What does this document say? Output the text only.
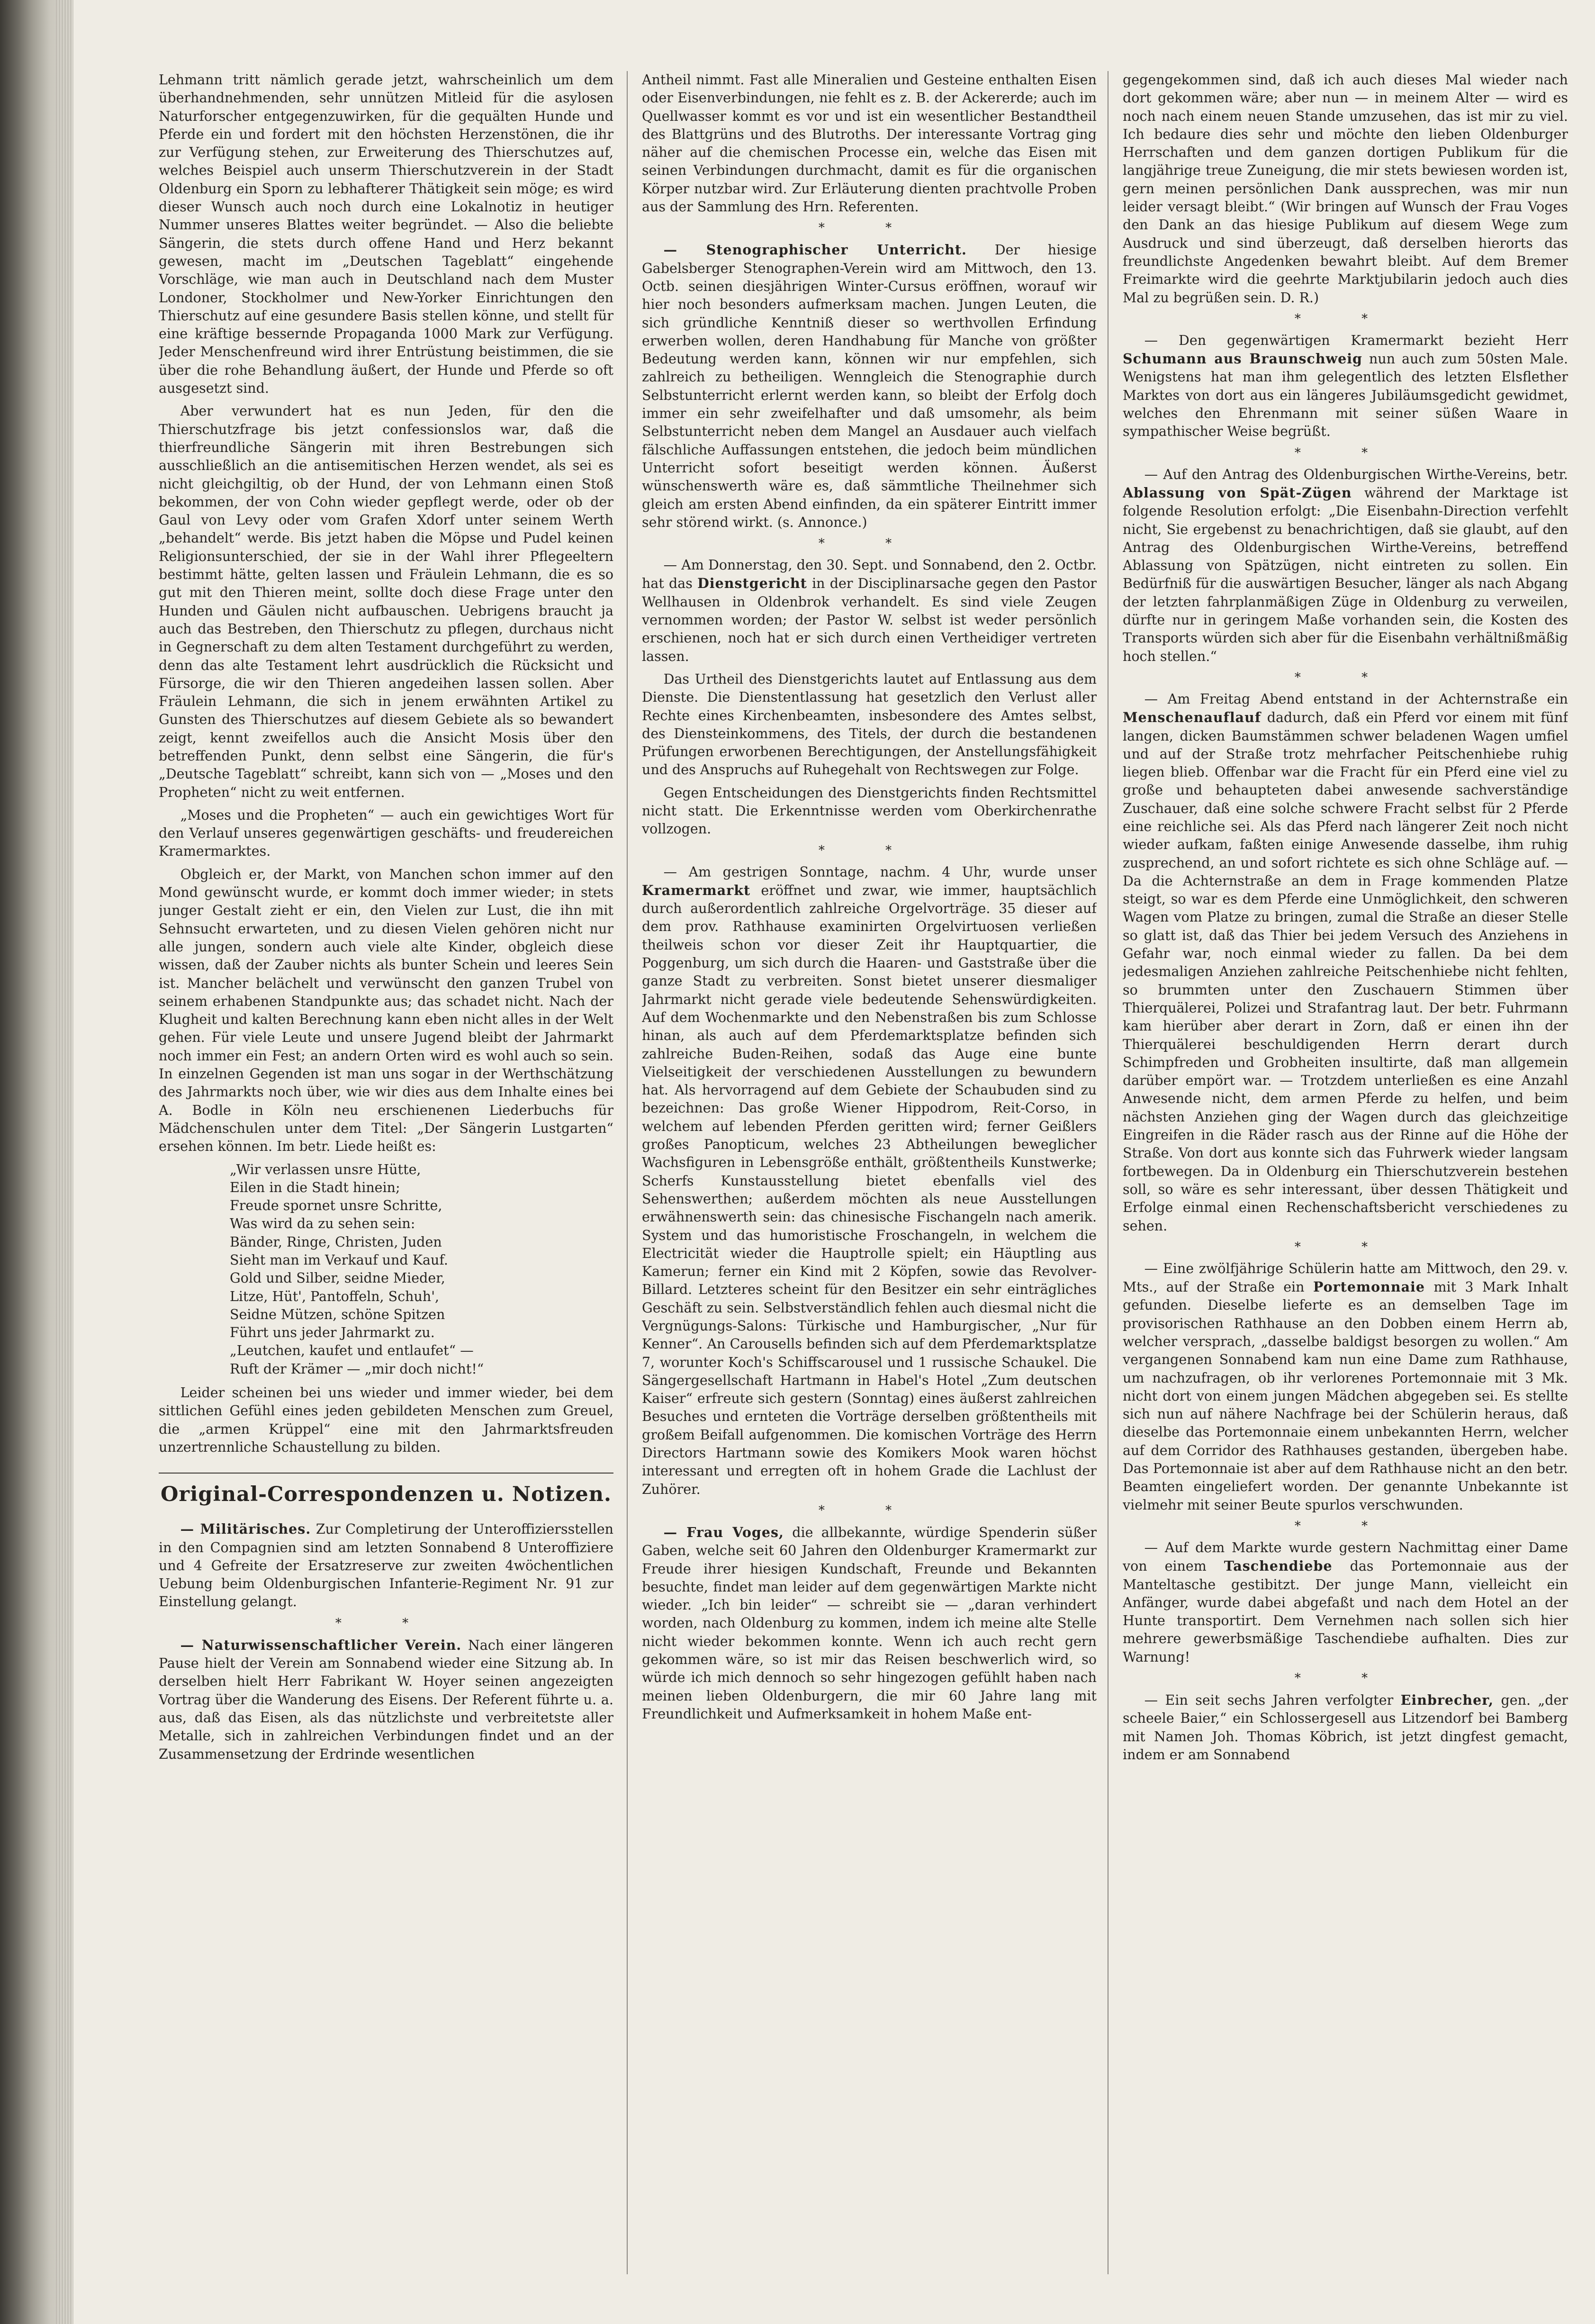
Lehmann tritt nämlich gerade jetzt, wahrscheinlich um dem überhandnehmenden, sehr unnützen Mitleid für die asylosen Naturforscher entgegenzuwirken, für die gequälten Hunde und Pferde ein und fordert mit den höchsten Herzenstönen, die ihr zur Verfügung stehen, zur Erweiterung des Thierschutzes auf, welches Beispiel auch unserm Thierschutzverein in der Stadt Oldenburg ein Sporn zu lebhafterer Thätigkeit sein möge; es wird dieser Wunsch auch noch durch eine Lokalnotiz in heutiger Nummer unseres Blattes weiter begründet. — Also die beliebte Sängerin, die stets durch offene Hand und Herz bekannt gewesen, macht im „Deutschen Tageblatt“ eingehende Vorschläge, wie man auch in Deutschland nach dem Muster Londoner, Stockholmer und New-Yorker Einrichtungen den Thierschutz auf eine gesundere Basis stellen könne, und stellt für eine kräftige bessernde Propaganda 1000 Mark zur Verfügung. Jeder Menschenfreund wird ihrer Entrüstung beistimmen, die sie über die rohe Behandlung äußert, der Hunde und Pferde so oft ausgesetzt sind.

Aber verwundert hat es nun Jeden, für den die Thierschutzfrage bis jetzt confessionslos war, daß die thierfreundliche Sängerin mit ihren Bestrebungen sich ausschließlich an die antisemitischen Herzen wendet, als sei es nicht gleichgiltig, ob der Hund, der von Lehmann einen Stoß bekommen, der von Cohn wieder gepflegt werde, oder ob der Gaul von Levy oder vom Grafen Xdorf unter seinem Werth „behandelt“ werde. Bis jetzt haben die Möpse und Pudel keinen Religionsunterschied, der sie in der Wahl ihrer Pflegeeltern bestimmt hätte, gelten lassen und Fräulein Lehmann, die es so gut mit den Thieren meint, sollte doch diese Frage unter den Hunden und Gäulen nicht aufbauschen. Uebrigens braucht ja auch das Bestreben, den Thierschutz zu pflegen, durchaus nicht in Gegnerschaft zu dem alten Testament durchgeführt zu werden, denn das alte Testament lehrt ausdrücklich die Rücksicht und Fürsorge, die wir den Thieren angedeihen lassen sollen. Aber Fräulein Lehmann, die sich in jenem erwähnten Artikel zu Gunsten des Thierschutzes auf diesem Gebiete als so bewandert zeigt, kennt zweifellos auch die Ansicht Mosis über den betreffenden Punkt, denn selbst eine Sängerin, die für's „Deutsche Tageblatt“ schreibt, kann sich von — „Moses und den Propheten“ nicht zu weit entfernen.

„Moses und die Propheten“ — auch ein gewichtiges Wort für den Verlauf unseres gegenwärtigen geschäfts- und freudereichen Kramermarktes.

Obgleich er, der Markt, von Manchen schon immer auf den Mond gewünscht wurde, er kommt doch immer wieder; in stets junger Gestalt zieht er ein, den Vielen zur Lust, die ihn mit Sehnsucht erwarteten, und zu diesen Vielen gehören nicht nur alle jungen, sondern auch viele alte Kinder, obgleich diese wissen, daß der Zauber nichts als bunter Schein und leeres Sein ist. Mancher belächelt und verwünscht den ganzen Trubel von seinem erhabenen Standpunkte aus; das schadet nicht. Nach der Klugheit und kalten Berechnung kann eben nicht alles in der Welt gehen. Für viele Leute und unsere Jugend bleibt der Jahrmarkt noch immer ein Fest; an andern Orten wird es wohl auch so sein. In einzelnen Gegenden ist man uns sogar in der Werthschätzung des Jahrmarkts noch über, wie wir dies aus dem Inhalte eines bei A. Bodle in Köln neu erschienenen Liederbuchs für Mädchenschulen unter dem Titel: „Der Sängerin Lustgarten“ ersehen können. Im betr. Liede heißt es:

„Wir verlassen unsre Hütte,
Eilen in die Stadt hinein;
Freude spornet unsre Schritte,
Was wird da zu sehen sein:
Bänder, Ringe, Christen, Juden
Sieht man im Verkauf und Kauf.
Gold und Silber, seidne Mieder,
Litze, Hüt', Pantoffeln, Schuh',
Seidne Mützen, schöne Spitzen
Führt uns jeder Jahrmarkt zu.
„Leutchen, kaufet und entlaufet“ —
Ruft der Krämer — „mir doch nicht!“

Leider scheinen bei uns wieder und immer wieder, bei dem sittlichen Gefühl eines jeden gebildeten Menschen zum Greuel, die „armen Krüppel“ eine mit den Jahrmarktsfreuden unzertrennliche Schaustellung zu bilden.

Original-Correspondenzen u. Notizen.

— Militärisches. Zur Completirung der Unteroffiziersstellen in den Compagnien sind am letzten Sonnabend 8 Unteroffiziere und 4 Gefreite der Ersatzreserve zur zweiten 4wöchentlichen Uebung beim Oldenburgischen Infanterie-Regiment Nr. 91 zur Einstellung gelangt.

* *

— Naturwissenschaftlicher Verein. Nach einer längeren Pause hielt der Verein am Sonnabend wieder eine Sitzung ab. In derselben hielt Herr Fabrikant W. Hoyer seinen angezeigten Vortrag über die Wanderung des Eisens. Der Referent führte u. a. aus, daß das Eisen, als das nützlichste und verbreitetste aller Metalle, sich in zahlreichen Verbindungen findet und an der Zusammensetzung der Erdrinde wesentlichen

Antheil nimmt. Fast alle Mineralien und Gesteine enthalten Eisen oder Eisenverbindungen, nie fehlt es z. B. der Ackererde; auch im Quellwasser kommt es vor und ist ein wesentlicher Bestandtheil des Blattgrüns und des Blutroths. Der interessante Vortrag ging näher auf die chemischen Processe ein, welche das Eisen mit seinen Verbindungen durchmacht, damit es für die organischen Körper nutzbar wird. Zur Erläuterung dienten prachtvolle Proben aus der Sammlung des Hrn. Referenten.

* *

— Stenographischer Unterricht. Der hiesige Gabelsberger Stenographen-Verein wird am Mittwoch, den 13. Octb. seinen diesjährigen Winter-Cursus eröffnen, worauf wir hier noch besonders aufmerksam machen. Jungen Leuten, die sich gründliche Kenntniß dieser so werthvollen Erfindung erwerben wollen, deren Handhabung für Manche von größter Bedeutung werden kann, können wir nur empfehlen, sich zahlreich zu betheiligen. Wenngleich die Stenographie durch Selbstunterricht erlernt werden kann, so bleibt der Erfolg doch immer ein sehr zweifelhafter und daß umsomehr, als beim Selbstunterricht neben dem Mangel an Ausdauer auch vielfach fälschliche Auffassungen entstehen, die jedoch beim mündlichen Unterricht sofort beseitigt werden können. Äußerst wünschenswerth wäre es, daß sämmtliche Theilnehmer sich gleich am ersten Abend einfinden, da ein späterer Eintritt immer sehr störend wirkt. (s. Annonce.)

* *

— Am Donnerstag, den 30. Sept. und Sonnabend, den 2. Octbr. hat das Dienstgericht in der Disciplinarsache gegen den Pastor Wellhausen in Oldenbrok verhandelt. Es sind viele Zeugen vernommen worden; der Pastor W. selbst ist weder persönlich erschienen, noch hat er sich durch einen Vertheidiger vertreten lassen.

Das Urtheil des Dienstgerichts lautet auf Entlassung aus dem Dienste. Die Dienstentlassung hat gesetzlich den Verlust aller Rechte eines Kirchenbeamten, insbesondere des Amtes selbst, des Diensteinkommens, des Titels, der durch die bestandenen Prüfungen erworbenen Berechtigungen, der Anstellungsfähigkeit und des Anspruchs auf Ruhegehalt von Rechtswegen zur Folge.

Gegen Entscheidungen des Dienstgerichts finden Rechtsmittel nicht statt. Die Erkenntnisse werden vom Oberkirchenrathe vollzogen.

* *

— Am gestrigen Sonntage, nachm. 4 Uhr, wurde unser Kramermarkt eröffnet und zwar, wie immer, hauptsächlich durch außerordentlich zahlreiche Orgelvorträge. 35 dieser auf dem prov. Rathhause examinirten Orgelvirtuosen verließen theilweis schon vor dieser Zeit ihr Hauptquartier, die Poggenburg, um sich durch die Haaren- und Gaststraße über die ganze Stadt zu verbreiten. Sonst bietet unserer diesmaliger Jahrmarkt nicht gerade viele bedeutende Sehenswürdigkeiten. Auf dem Wochenmarkte und den Nebenstraßen bis zum Schlosse hinan, als auch auf dem Pferdemarktsplatze befinden sich zahlreiche Buden-Reihen, sodaß das Auge eine bunte Vielseitigkeit der verschiedenen Ausstellungen zu bewundern hat. Als hervorragend auf dem Gebiete der Schaubuden sind zu bezeichnen: Das große Wiener Hippodrom, Reit-Corso, in welchem auf lebenden Pferden geritten wird; ferner Geißlers großes Panopticum, welches 23 Abtheilungen beweglicher Wachsfiguren in Lebensgröße enthält, größtentheils Kunstwerke; Scherfs Kunstausstellung bietet ebenfalls viel des Sehenswerthen; außerdem möchten als neue Ausstellungen erwähnenswerth sein: das chinesische Fischangeln nach amerik. System und das humoristische Froschangeln, in welchem die Electricität wieder die Hauptrolle spielt; ein Häuptling aus Kamerun; ferner ein Kind mit 2 Köpfen, sowie das Revolver-Billard. Letzteres scheint für den Besitzer ein sehr einträgliches Geschäft zu sein. Selbstverständlich fehlen auch diesmal nicht die Vergnügungs-Salons: Türkische und Hamburgischer, „Nur für Kenner“. An Carousells befinden sich auf dem Pferdemarktsplatze 7, worunter Koch's Schiffscarousel und 1 russische Schaukel. Die Sängergesellschaft Hartmann in Habel's Hotel „Zum deutschen Kaiser“ erfreute sich gestern (Sonntag) eines äußerst zahlreichen Besuches und ernteten die Vorträge derselben größtentheils mit großem Beifall aufgenommen. Die komischen Vorträge des Herrn Directors Hartmann sowie des Komikers Mook waren höchst interessant und erregten oft in hohem Grade die Lachlust der Zuhörer.

* *

— Frau Voges, die allbekannte, würdige Spenderin süßer Gaben, welche seit 60 Jahren den Oldenburger Kramermarkt zur Freude ihrer hiesigen Kundschaft, Freunde und Bekannten besuchte, findet man leider auf dem gegenwärtigen Markte nicht wieder. „Ich bin leider“ — schreibt sie — „daran verhindert worden, nach Oldenburg zu kommen, indem ich meine alte Stelle nicht wieder bekommen konnte. Wenn ich auch recht gern gekommen wäre, so ist mir das Reisen beschwerlich wird, so würde ich mich dennoch so sehr hingezogen gefühlt haben nach meinen lieben Oldenburgern, die mir 60 Jahre lang mit Freundlichkeit und Aufmerksamkeit in hohem Maße ent-

gegengekommen sind, daß ich auch dieses Mal wieder nach dort gekommen wäre; aber nun — in meinem Alter — wird es noch nach einem neuen Stande umzusehen, das ist mir zu viel. Ich bedaure dies sehr und möchte den lieben Oldenburger Herrschaften und dem ganzen dortigen Publikum für die langjährige treue Zuneigung, die mir stets bewiesen worden ist, gern meinen persönlichen Dank aussprechen, was mir nun leider versagt bleibt.“ (Wir bringen auf Wunsch der Frau Voges den Dank an das hiesige Publikum auf diesem Wege zum Ausdruck und sind überzeugt, daß derselben hierorts das freundlichste Angedenken bewahrt bleibt. Auf dem Bremer Freimarkte wird die geehrte Marktjubilarin jedoch auch dies Mal zu begrüßen sein. D. R.)

* *

— Den gegenwärtigen Kramermarkt bezieht Herr Schumann aus Braunschweig nun auch zum 50sten Male. Wenigstens hat man ihm gelegentlich des letzten Elsflether Marktes von dort aus ein längeres Jubiläumsgedicht gewidmet, welches den Ehrenmann mit seiner süßen Waare in sympathischer Weise begrüßt.

* *

— Auf den Antrag des Oldenburgischen Wirthe-Vereins, betr. Ablassung von Spät-Zügen während der Marktage ist folgende Resolution erfolgt: „Die Eisenbahn-Direction verfehlt nicht, Sie ergebenst zu benachrichtigen, daß sie glaubt, auf den Antrag des Oldenburgischen Wirthe-Vereins, betreffend Ablassung von Spätzügen, nicht eintreten zu sollen. Ein Bedürfniß für die auswärtigen Besucher, länger als nach Abgang der letzten fahrplanmäßigen Züge in Oldenburg zu verweilen, dürfte nur in geringem Maße vorhanden sein, die Kosten des Transports würden sich aber für die Eisenbahn verhältnißmäßig hoch stellen.“

* *

— Am Freitag Abend entstand in der Achternstraße ein Menschenauflauf dadurch, daß ein Pferd vor einem mit fünf langen, dicken Baumstämmen schwer beladenen Wagen umfiel und auf der Straße trotz mehrfacher Peitschenhiebe ruhig liegen blieb. Offenbar war die Fracht für ein Pferd eine viel zu große und behaupteten dabei anwesende sachverständige Zuschauer, daß eine solche schwere Fracht selbst für 2 Pferde eine reichliche sei. Als das Pferd nach längerer Zeit noch nicht wieder aufkam, faßten einige Anwesende dasselbe, ihm ruhig zusprechend, an und sofort richtete es sich ohne Schläge auf. — Da die Achternstraße an dem in Frage kommenden Platze steigt, so war es dem Pferde eine Unmöglichkeit, den schweren Wagen vom Platze zu bringen, zumal die Straße an dieser Stelle so glatt ist, daß das Thier bei jedem Versuch des Anziehens in Gefahr war, noch einmal wieder zu fallen. Da bei dem jedesmaligen Anziehen zahlreiche Peitschenhiebe nicht fehlten, so brummten unter den Zuschauern Stimmen über Thierquälerei, Polizei und Strafantrag laut. Der betr. Fuhrmann kam hierüber aber derart in Zorn, daß er einen ihn der Thierquälerei beschuldigenden Herrn derart durch Schimpfreden und Grobheiten insultirte, daß man allgemein darüber empört war. — Trotzdem unterließen es eine Anzahl Anwesende nicht, dem armen Pferde zu helfen, und beim nächsten Anziehen ging der Wagen durch das gleichzeitige Eingreifen in die Räder rasch aus der Rinne auf die Höhe der Straße. Von dort aus konnte sich das Fuhrwerk wieder langsam fortbewegen. Da in Oldenburg ein Thierschutzverein bestehen soll, so wäre es sehr interessant, über dessen Thätigkeit und Erfolge einmal einen Rechenschaftsbericht verschiedenes zu sehen.

* *

— Eine zwölfjährige Schülerin hatte am Mittwoch, den 29. v. Mts., auf der Straße ein Portemonnaie mit 3 Mark Inhalt gefunden. Dieselbe lieferte es an demselben Tage im provisorischen Rathhause an den Dobben einem Herrn ab, welcher versprach, „dasselbe baldigst besorgen zu wollen.“ Am vergangenen Sonnabend kam nun eine Dame zum Rathhause, um nachzufragen, ob ihr verlorenes Portemonnaie mit 3 Mk. nicht dort von einem jungen Mädchen abgegeben sei. Es stellte sich nun auf nähere Nachfrage bei der Schülerin heraus, daß dieselbe das Portemonnaie einem unbekannten Herrn, welcher auf dem Corridor des Rathhauses gestanden, übergeben habe. Das Portemonnaie ist aber auf dem Rathhause nicht an den betr. Beamten eingeliefert worden. Der genannte Unbekannte ist vielmehr mit seiner Beute spurlos verschwunden.

* *

— Auf dem Markte wurde gestern Nachmittag einer Dame von einem Taschendiebe das Portemonnaie aus der Manteltasche gestibitzt. Der junge Mann, vielleicht ein Anfänger, wurde dabei abgefaßt und nach dem Hotel an der Hunte transportirt. Dem Vernehmen nach sollen sich hier mehrere gewerbsmäßige Taschendiebe aufhalten. Dies zur Warnung!

* *

— Ein seit sechs Jahren verfolgter Einbrecher, gen. „der scheele Baier,“ ein Schlossergesell aus Litzendorf bei Bamberg mit Namen Joh. Thomas Köbrich, ist jetzt dingfest gemacht, indem er am Sonnabend
